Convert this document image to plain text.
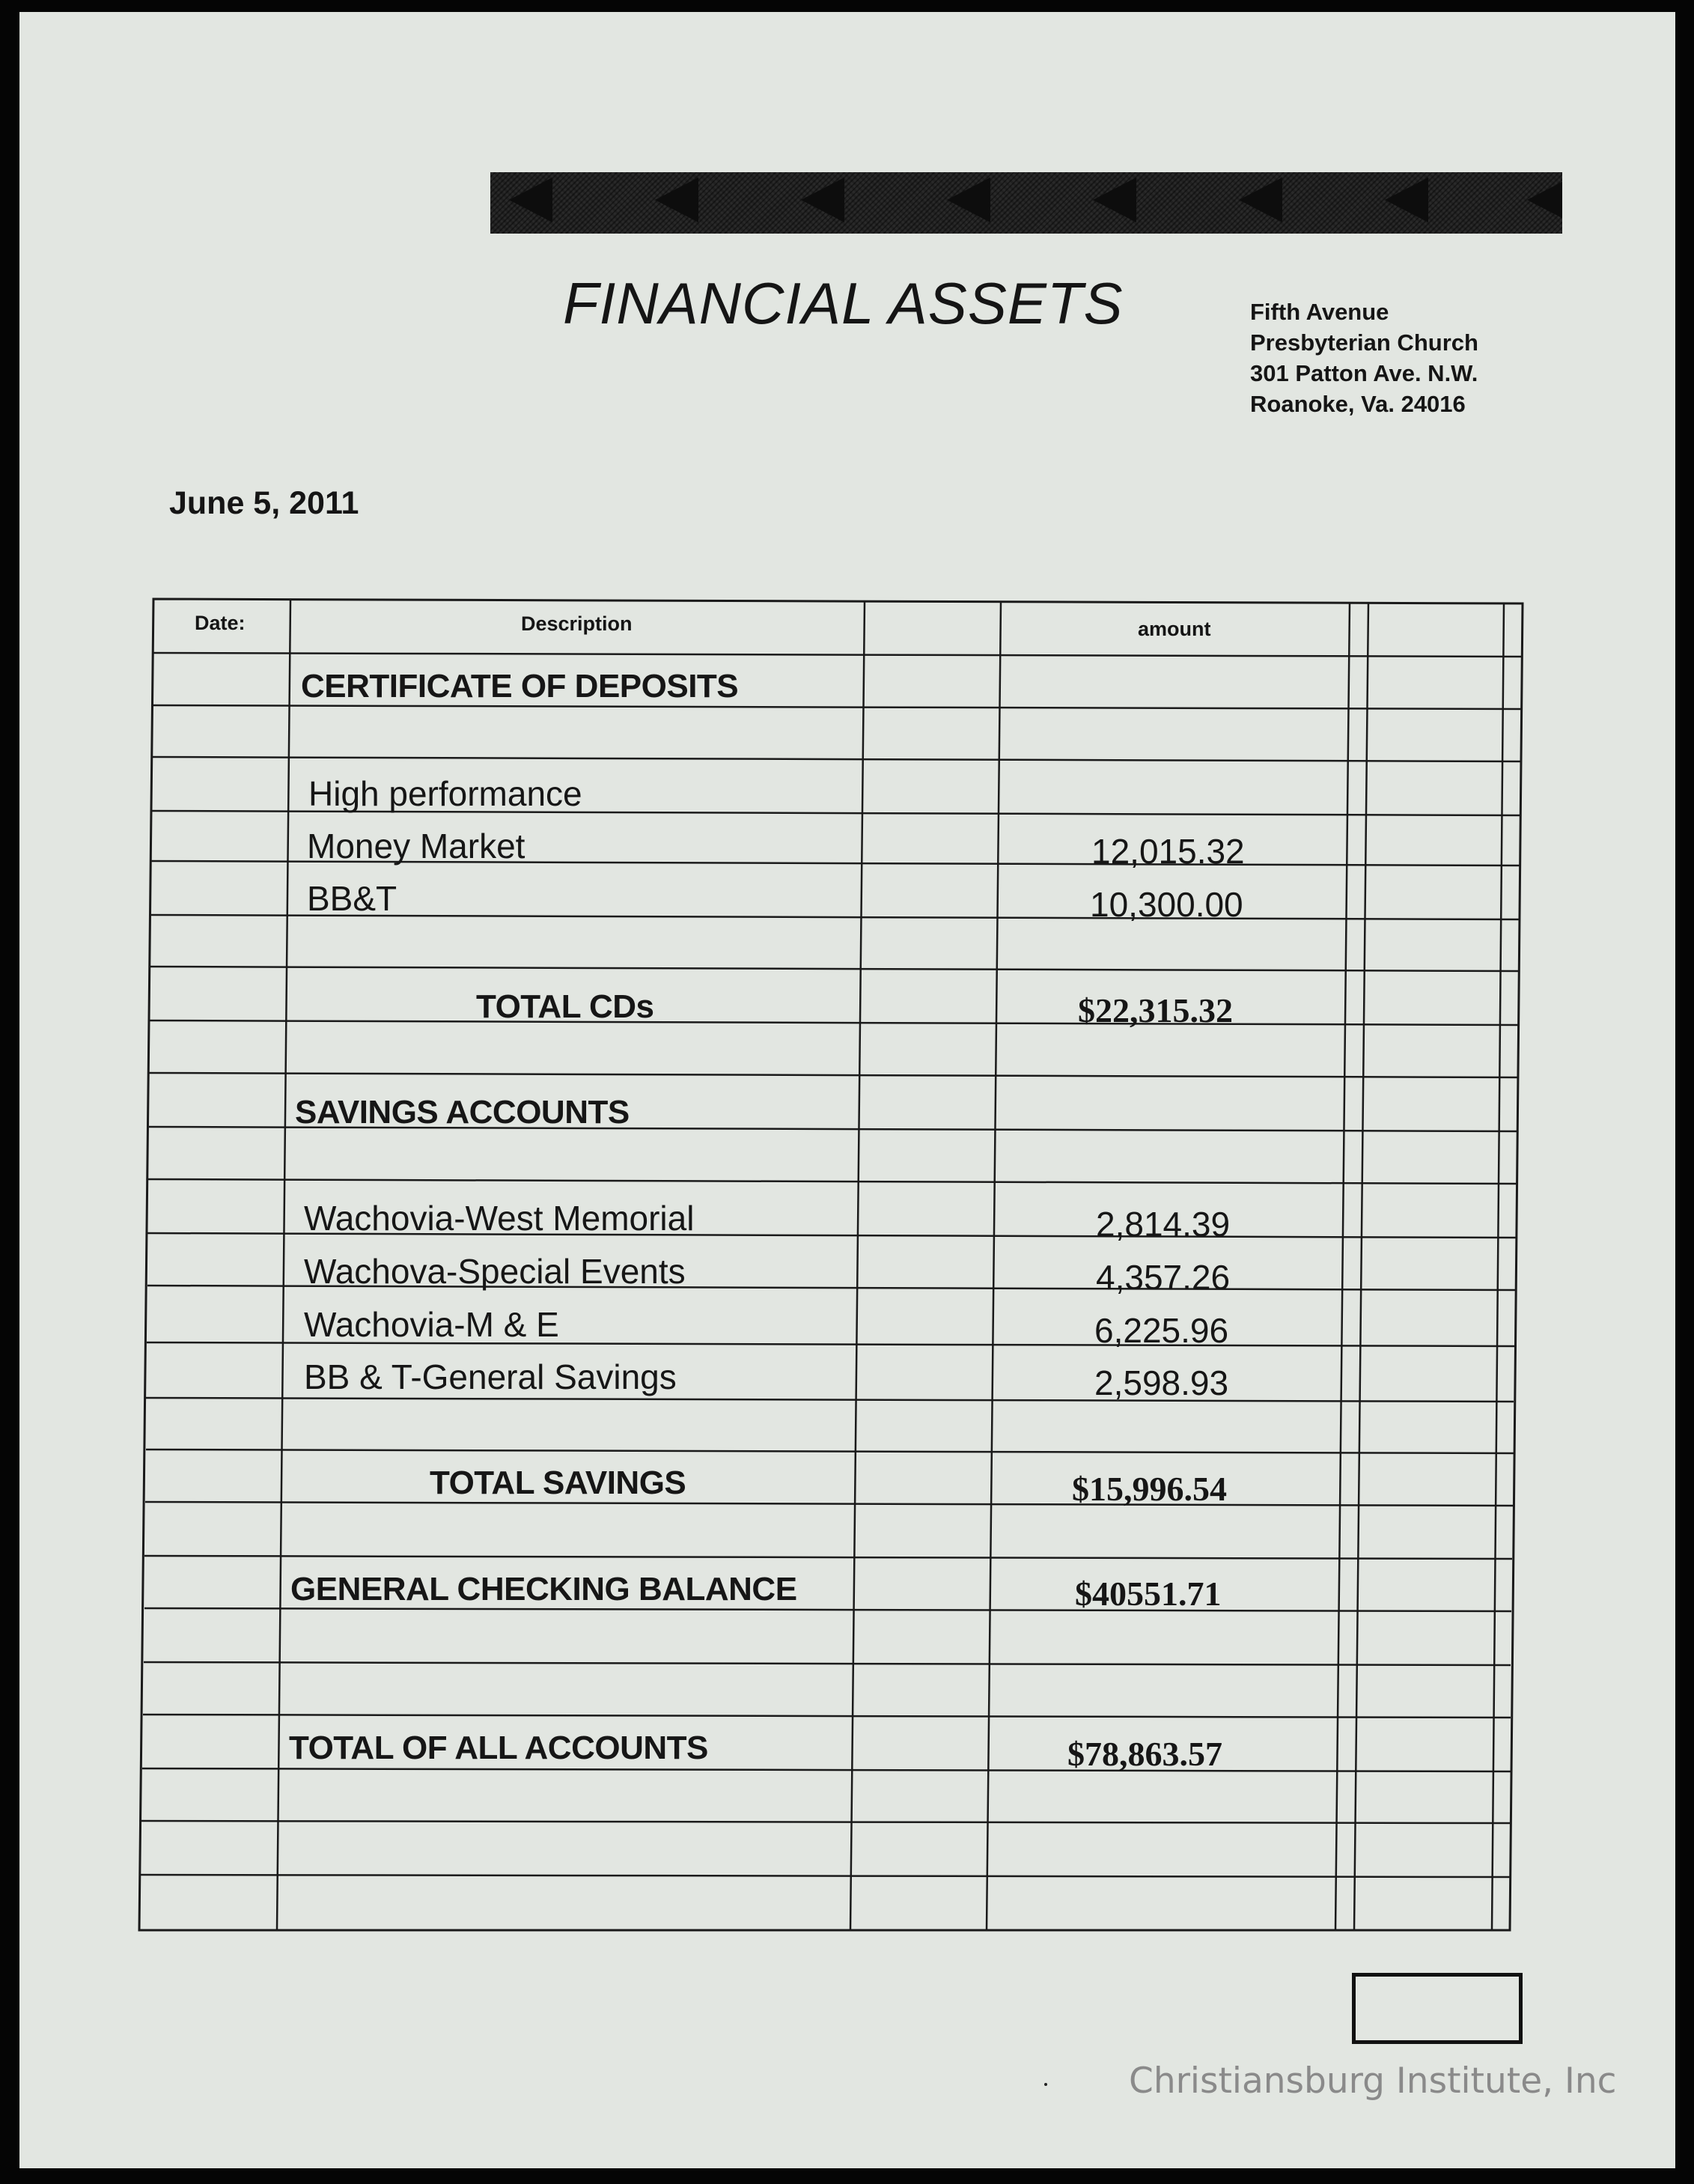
FINANCIAL ASSETS	Fifth Avenue
Presbyterian Church
301 Patton Ave. N.W.
Roanoke, Va. 24016
June 5, 2011
Date:	Description	amount
CERTIFICATE OF DEPOSITS
High performance
Money Market	12,015.32
BB&T	10,300.00
TOTAL CDs	$22,315.32
SAVINGS ACCOUNTS
Wachovia-West Memorial	2,814.39
Wachova-Special Events	4,357.26
Wachovia-M & E	6,225.96
BB & T-General Savings	2,598.93
TOTAL SAVINGS	$15,996.54
GENERAL CHECKING BALANCE	$40551.71
TOTAL OF ALL ACCOUNTS	$78,863.57
Christiansburg Institute, Inc
